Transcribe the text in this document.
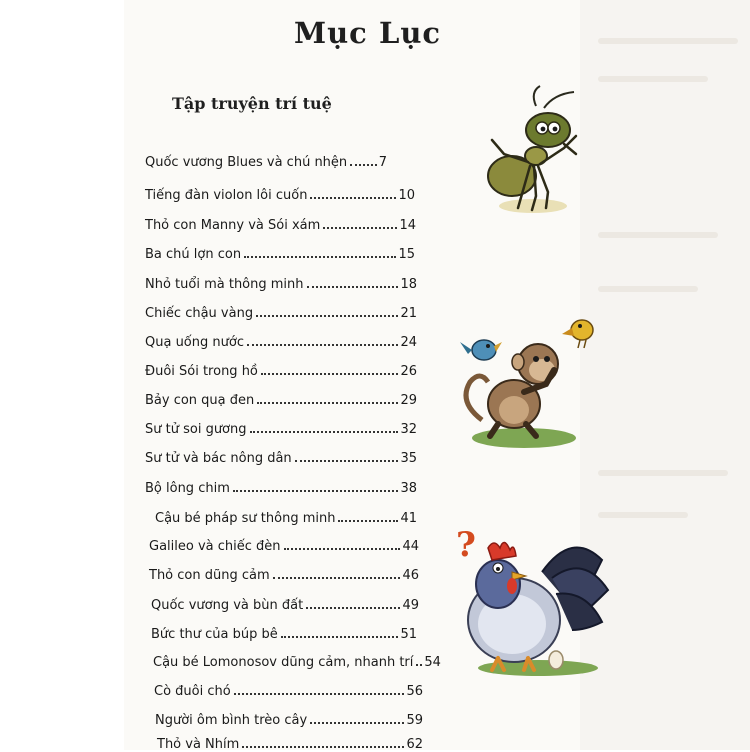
Mục Lục
Tập truyện trí tuệ
Quốc vương Blues và chú nhện 7
Tiếng đàn violon lôi cuốn	10
Thỏ con Manny và Sói xám	14
Ba chú lợn con	15
Nhỏ tuổi mà thông minh	18
Chiếc chậu vàng	21
Quạ uống nước	24
Đuôi Sói trong hồ	26
Bảy con quạ đen	29
Sư tử soi gương	32
Sư tử và bác nông dân	35
Bộ lông chim	38
Cậu bé pháp sư thông minh	41
Galileo và chiếc đèn	44
Thỏ con dũng cảm	46
Quốc vương và bùn đất	49
Bức thư của búp bê	51
Cậu bé Lomonosov dũng cảm, nhanh trí 54
Cò đuôi chó	56
Người ôm bình trèo cây	59
Thỏ và Nhím	62
?
